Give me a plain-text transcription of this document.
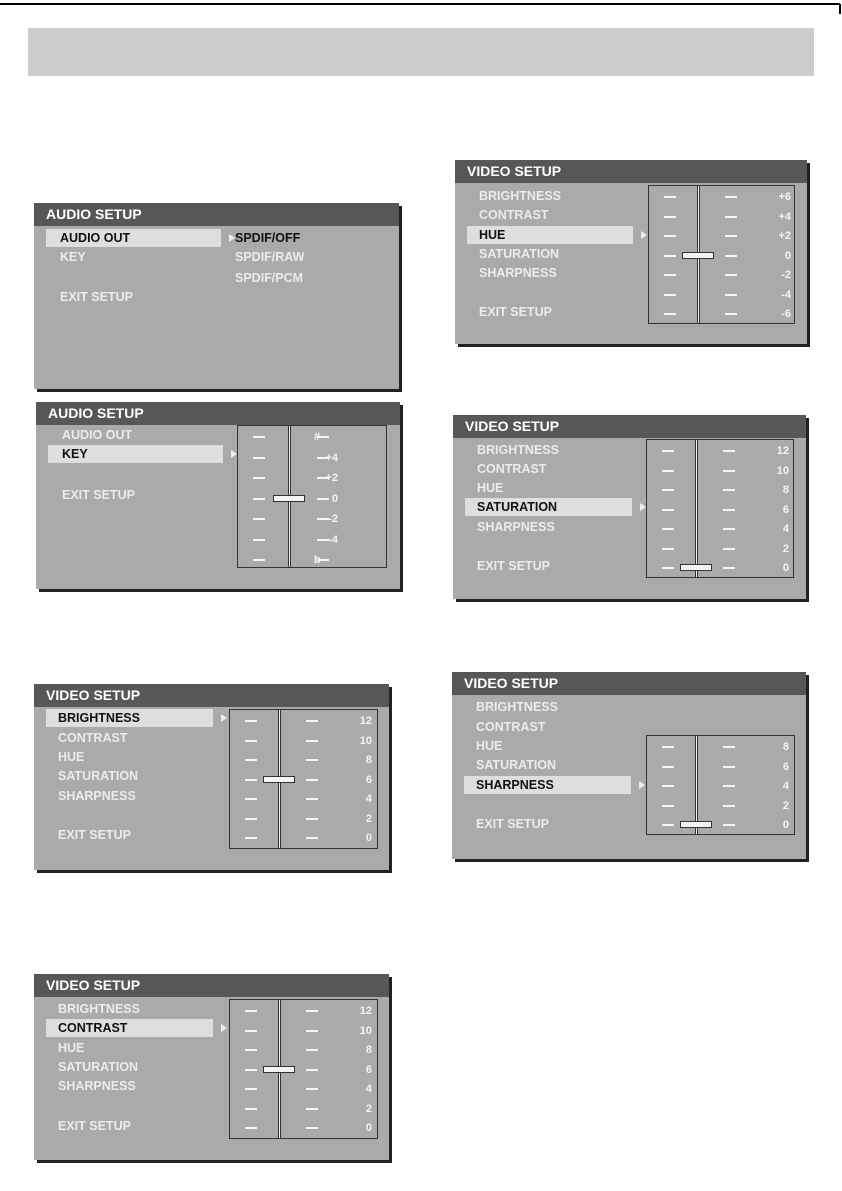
AUDIO SETUP
AUDIO OUT
KEY
EXIT SETUP
SPDIF/OFF
SPDIF/RAW
SPDIF/PCM
AUDIO SETUP
AUDIO OUT
KEY
EXIT SETUP
#
+4
+2
0
-2
-4
b
VIDEO SETUP
BRIGHTNESS
CONTRAST
HUE
SATURATION
SHARPNESS
EXIT SETUP
12
10
8
6
4
2
0
VIDEO SETUP
BRIGHTNESS
CONTRAST
HUE
SATURATION
SHARPNESS
EXIT SETUP
12
10
8
6
4
2
0
VIDEO SETUP
BRIGHTNESS
CONTRAST
HUE
SATURATION
SHARPNESS
EXIT SETUP
+6
+4
+2
0
-2
-4
-6
VIDEO SETUP
BRIGHTNESS
CONTRAST
HUE
SATURATION
SHARPNESS
EXIT SETUP
12
10
8
6
4
2
0
VIDEO SETUP
BRIGHTNESS
CONTRAST
HUE
SATURATION
SHARPNESS
EXIT SETUP
8
6
4
2
0
